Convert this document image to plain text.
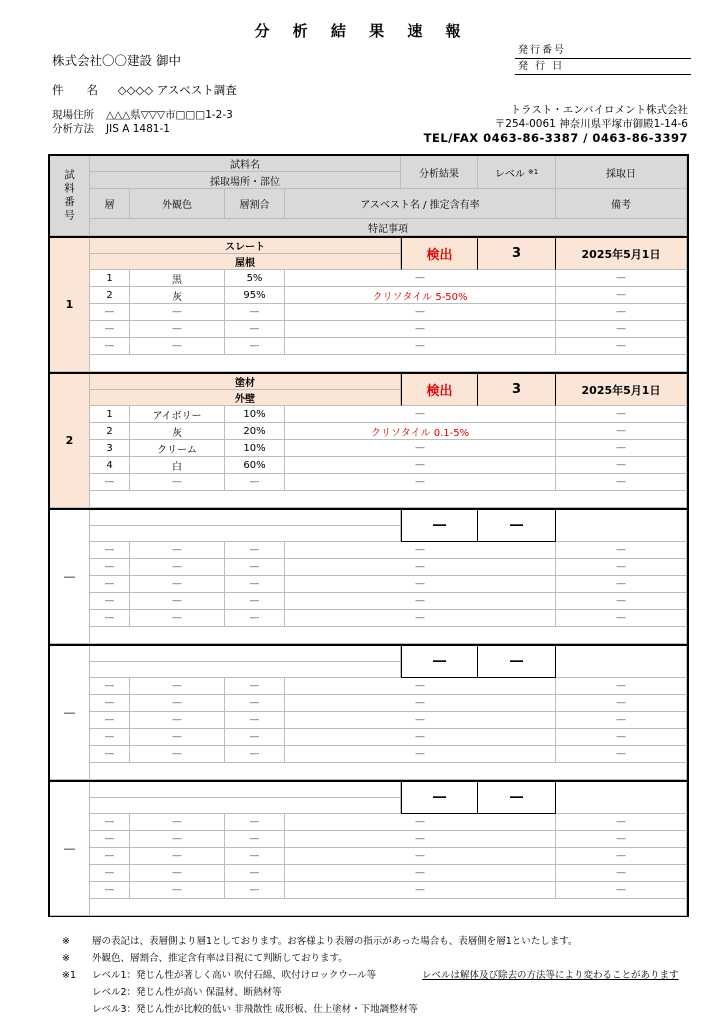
分 析 結 果 速 報
株式会社〇〇建設 御中
発行番号
発 行 日
件　　名 ◇◇◇◇ アスベスト調査
現場住所 △△△県▽▽▽市□□□1-2-3
分析方法 JIS A 1481-1
トラスト・エンバイロメント株式会社
〒254-0061 神奈川県平塚市御殿1-14-6
TEL/FAX 0463-86-3387 / 0463-86-3397
試料番号
試料名
採取場所・部位
分析結果	レベル ※1	採取日
層	外観色	層割合	アスベスト名 / 推定含有率	備考
特記事項
1
スレート
屋根
検出	3	2025年5月1日
1	黒	5%	―	―
2	灰	95%	クリソタイル 5-50%	―
―	―	―	―	―
―	―	―	―	―
―	―	―	―	―
2
塗材
外壁
検出	3	2025年5月1日
1	アイボリー	10%	―	―
2	灰	20%	クリソタイル 0.1-5%	―
3	クリーム	10%	―	―
4	白	60%	―	―
―	―	―	―	―
―
―	―
―	―	―	―	―
―	―	―	―	―
―	―	―	―	―
―	―	―	―	―
―	―	―	―	―
―
―	―
―	―	―	―	―
―	―	―	―	―
―	―	―	―	―
―	―	―	―	―
―	―	―	―	―
―
―	―
―	―	―	―	―
―	―	―	―	―
―	―	―	―	―
―	―	―	―	―
―	―	―	―	―
※ 層の表記は、表層側より層1としております。お客様より表層の指示があった場合も、表層側を層1といたします。
※ 外観色、層割合、推定含有率は目視にて判断しております。
※1 レベル1：発じん性が著しく高い 吹付石綿、吹付けロックウール等	レベルは解体及び除去の方法等により変わることがあります
レベル2：発じん性が高い 保温材、断熱材等
レベル3：発じん性が比較的低い 非飛散性 成形板、仕上塗材・下地調整材等
